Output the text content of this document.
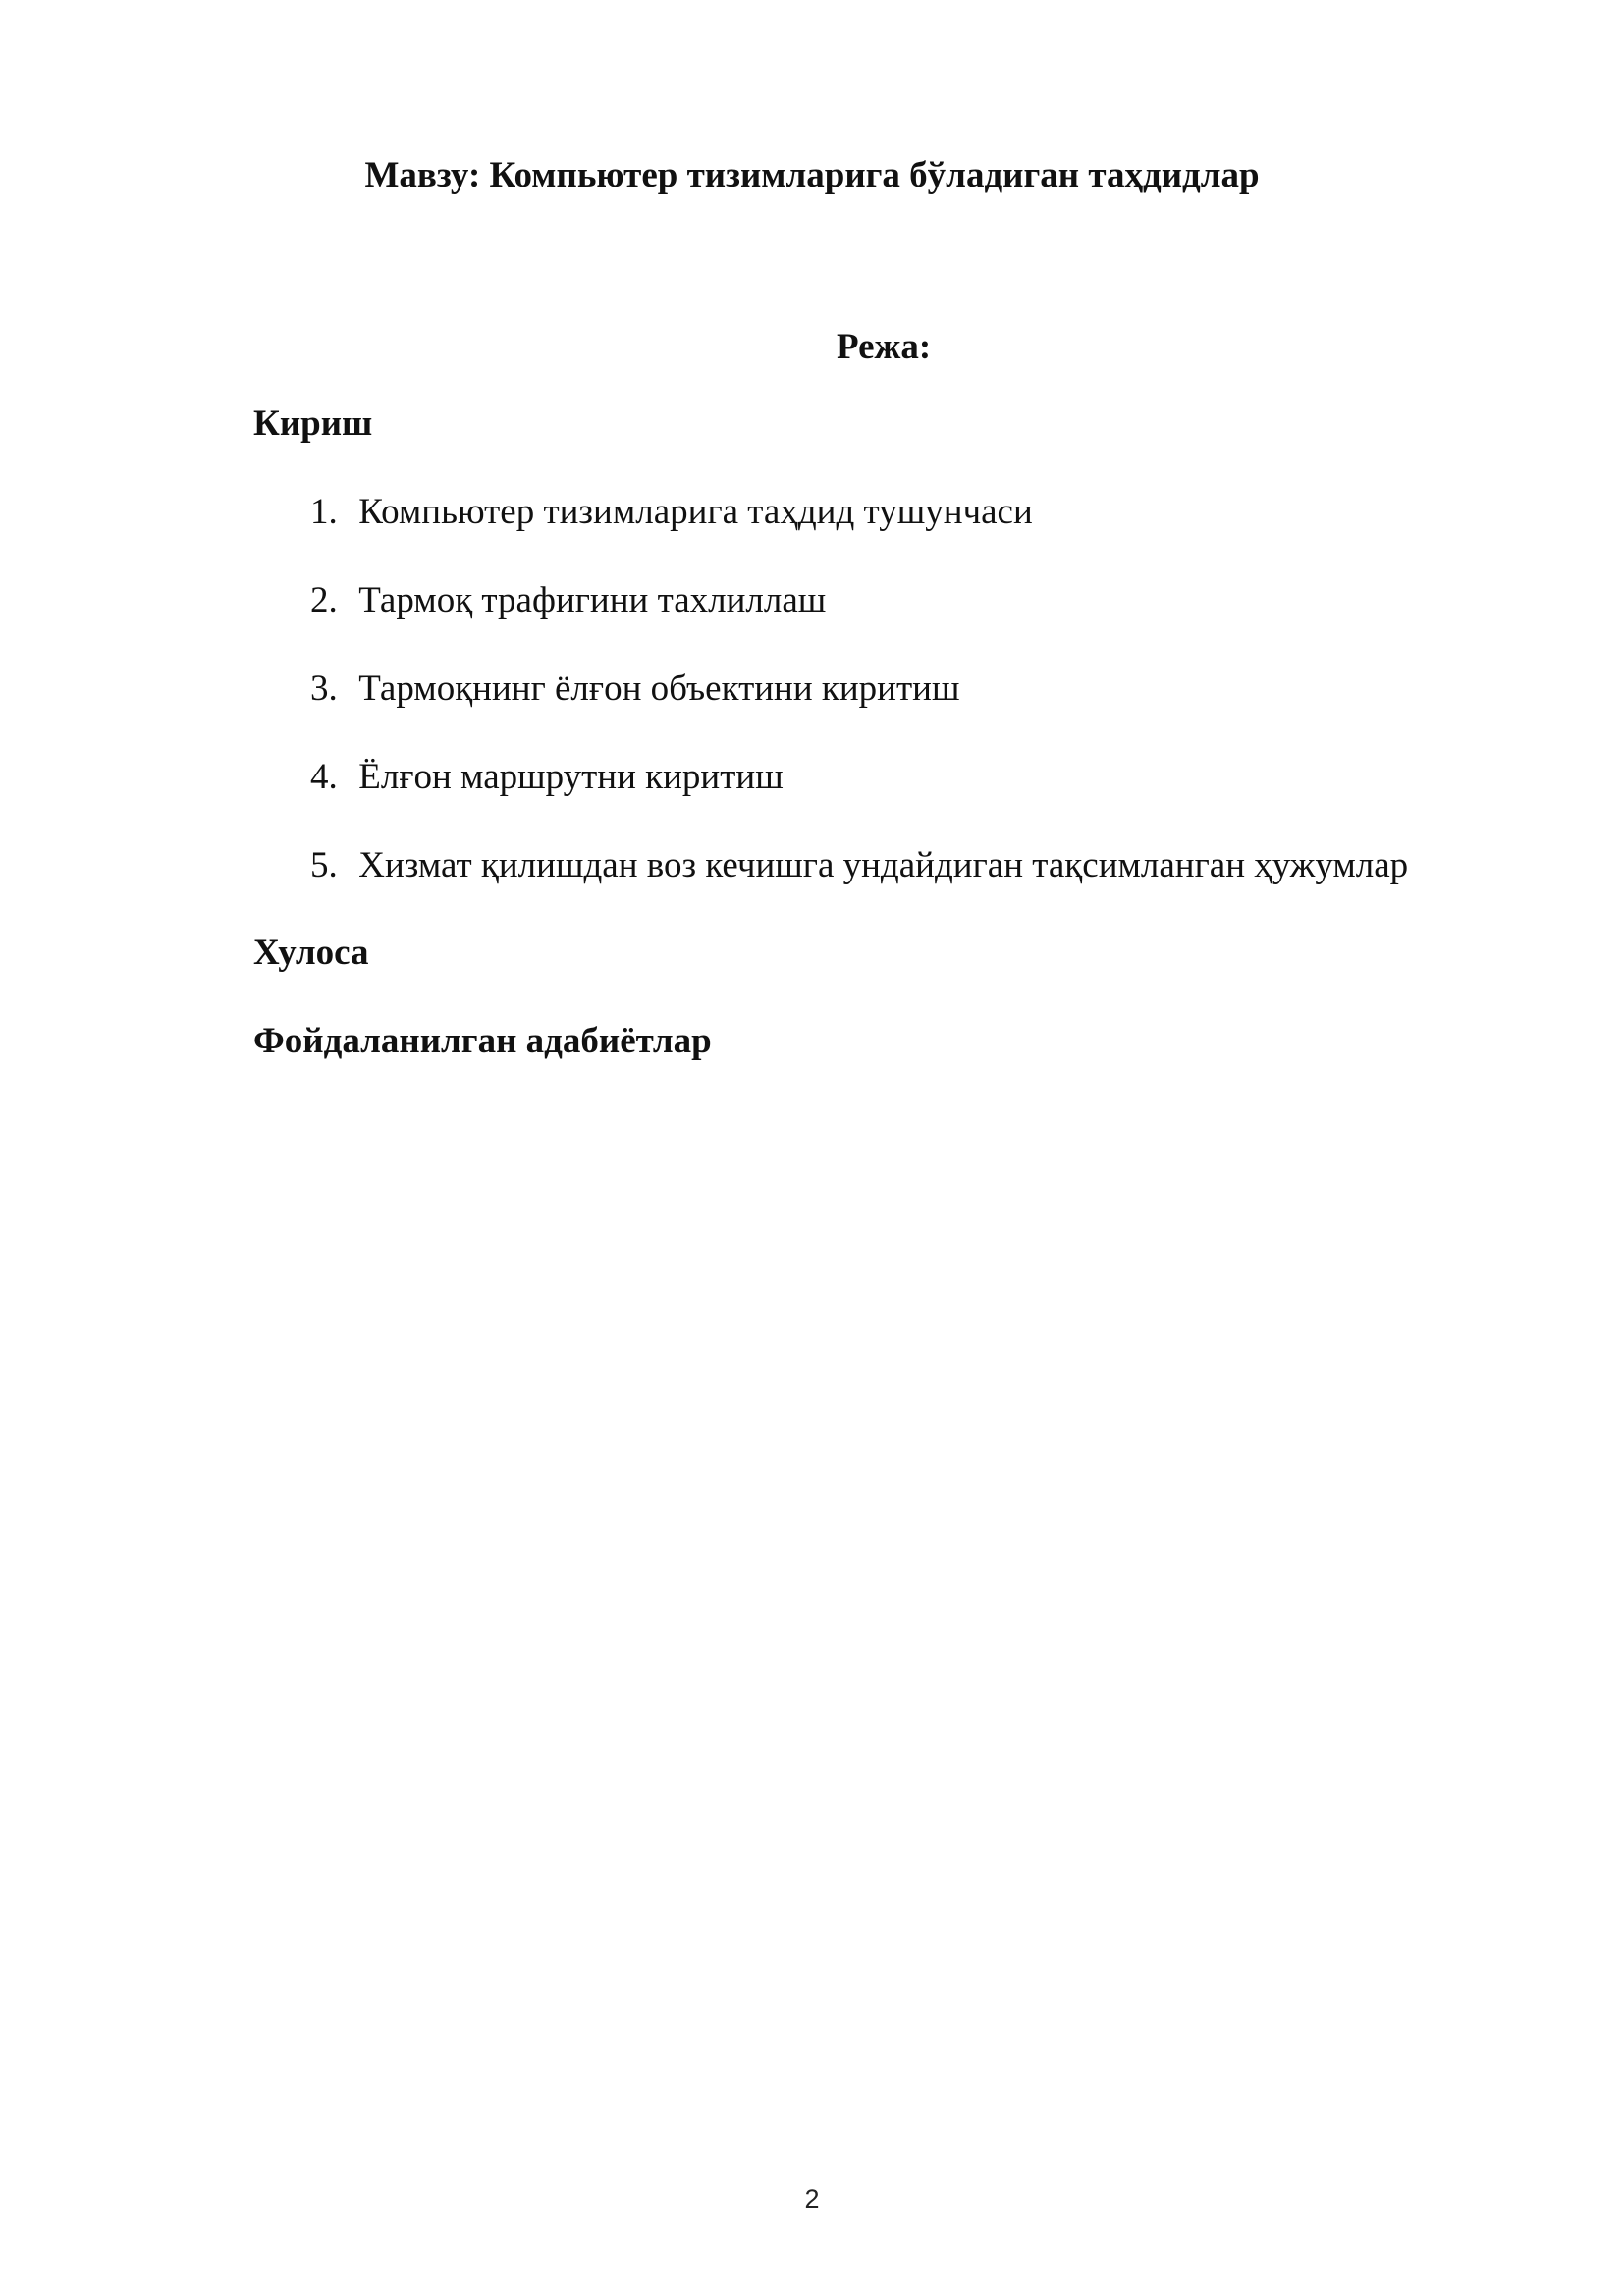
Мавзу: Компьютер тизимларига бўладиган таҳдидлар
Режа:
Кириш
1. Компьютер тизимларига таҳдид тушунчаси
2. Тармоқ трафигини тахлиллаш
3. Тармоқнинг ёлғон объектини киритиш
4. Ёлғон маршрутни киритиш
5. Хизмат қилишдан воз кечишга ундайдиган тақсимланган ҳужумлар
Хулоса
Фойдаланилган адабиётлар
2
